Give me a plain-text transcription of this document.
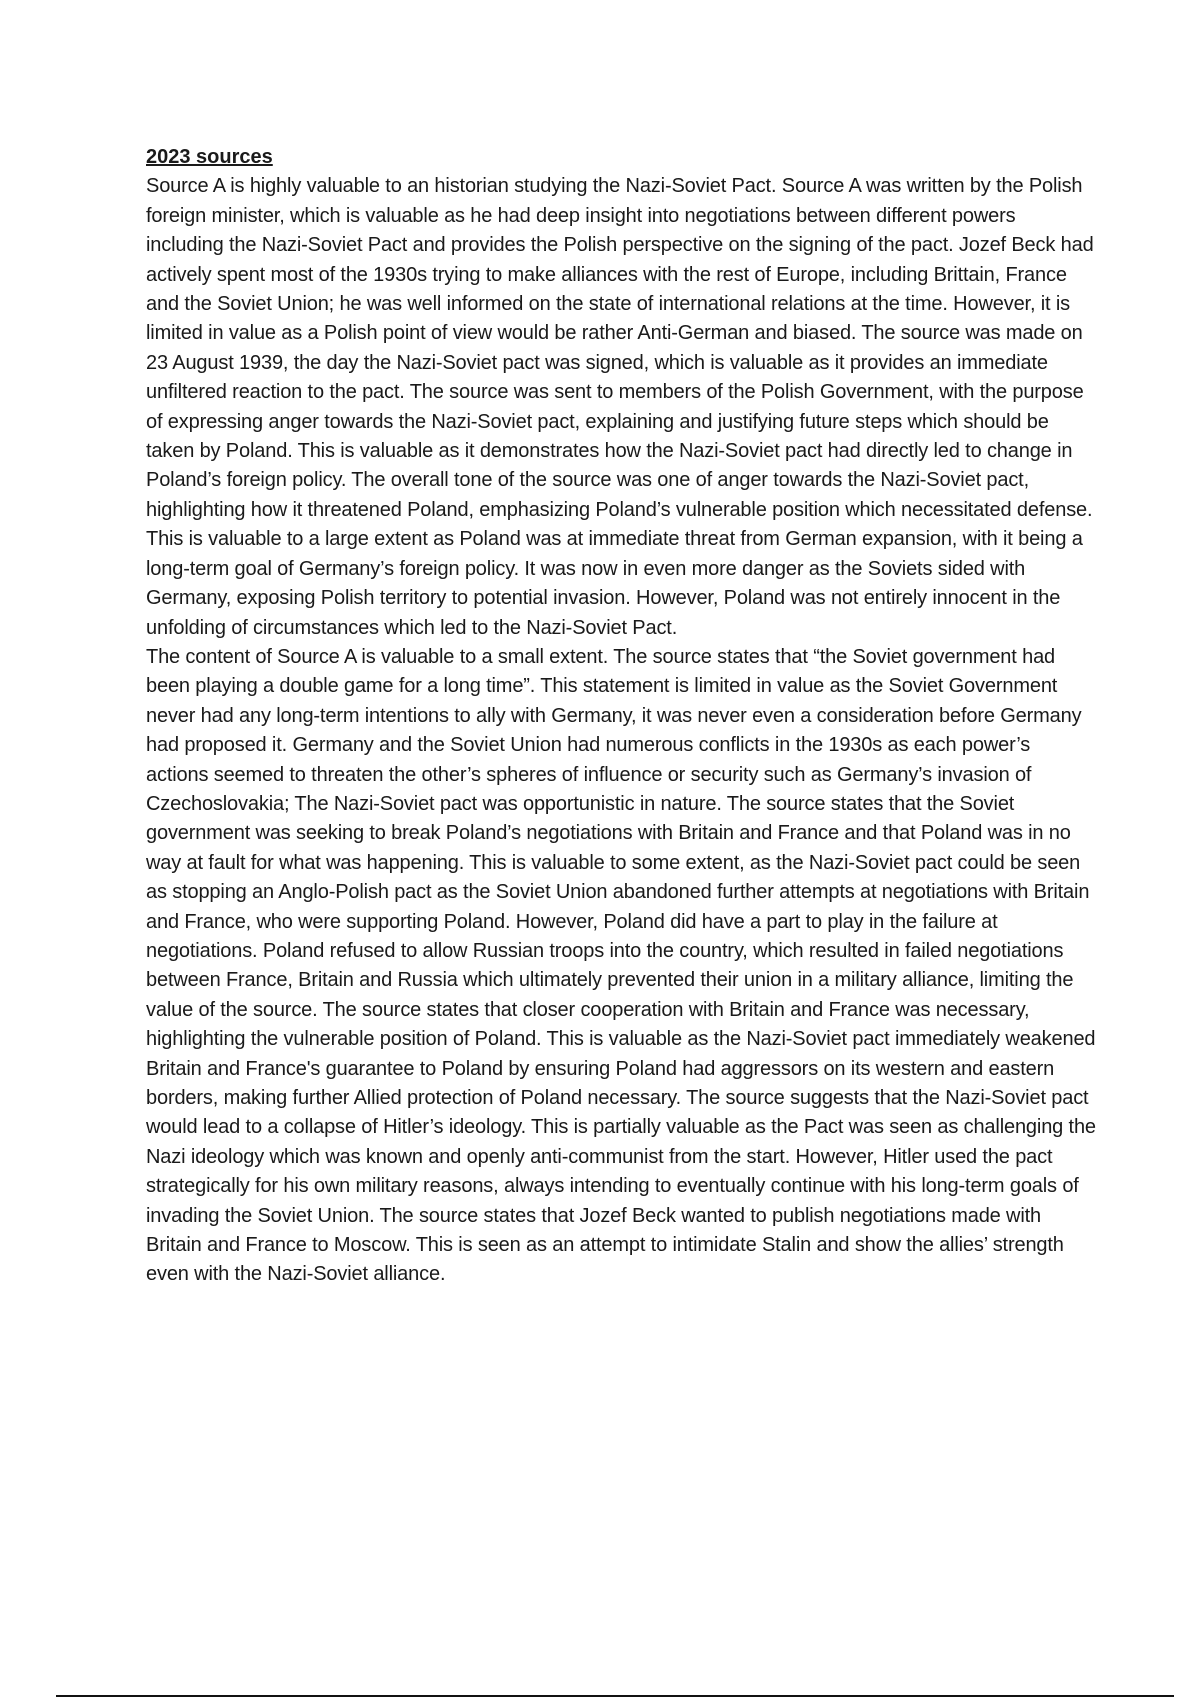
2023 sources

Source A is highly valuable to an historian studying the Nazi-Soviet Pact. Source A was written by the Polish foreign minister, which is valuable as he had deep insight into negotiations between different powers including the Nazi-Soviet Pact and provides the Polish perspective on the signing of the pact. Jozef Beck had actively spent most of the 1930s trying to make alliances with the rest of Europe, including Brittain, France and the Soviet Union; he was well informed on the state of international relations at the time. However, it is limited in value as a Polish point of view would be rather Anti-German and biased. The source was made on 23 August 1939, the day the Nazi-Soviet pact was signed, which is valuable as it provides an immediate unfiltered reaction to the pact. The source was sent to members of the Polish Government, with the purpose of expressing anger towards the Nazi-Soviet pact, explaining and justifying future steps which should be taken by Poland. This is valuable as it demonstrates how the Nazi-Soviet pact had directly led to change in Poland’s foreign policy. The overall tone of the source was one of anger towards the Nazi-Soviet pact, highlighting how it threatened Poland, emphasizing Poland’s vulnerable position which necessitated defense. This is valuable to a large extent as Poland was at immediate threat from German expansion, with it being a long-term goal of Germany’s foreign policy. It was now in even more danger as the Soviets sided with Germany, exposing Polish territory to potential invasion. However, Poland was not entirely innocent in the unfolding of circumstances which led to the Nazi-Soviet Pact.

The content of Source A is valuable to a small extent. The source states that “the Soviet government had been playing a double game for a long time”. This statement is limited in value as the Soviet Government never had any long-term intentions to ally with Germany, it was never even a consideration before Germany had proposed it. Germany and the Soviet Union had numerous conflicts in the 1930s as each power’s actions seemed to threaten the other’s spheres of influence or security such as Germany’s invasion of Czechoslovakia; The Nazi-Soviet pact was opportunistic in nature. The source states that the Soviet government was seeking to break Poland’s negotiations with Britain and France and that Poland was in no way at fault for what was happening. This is valuable to some extent, as the Nazi-Soviet pact could be seen as stopping an Anglo-Polish pact as the Soviet Union abandoned further attempts at negotiations with Britain and France, who were supporting Poland. However, Poland did have a part to play in the failure at negotiations. Poland refused to allow Russian troops into the country, which resulted in failed negotiations between France, Britain and Russia which ultimately prevented their union in a military alliance, limiting the value of the source. The source states that closer cooperation with Britain and France was necessary, highlighting the vulnerable position of Poland. This is valuable as the Nazi-Soviet pact immediately weakened Britain and France's guarantee to Poland by ensuring Poland had aggressors on its western and eastern borders, making further Allied protection of Poland necessary. The source suggests that the Nazi-Soviet pact would lead to a collapse of Hitler’s ideology. This is partially valuable as the Pact was seen as challenging the Nazi ideology which was known and openly anti-communist from the start. However, Hitler used the pact strategically for his own military reasons, always intending to eventually continue with his long-term goals of invading the Soviet Union. The source states that Jozef Beck wanted to publish negotiations made with Britain and France to Moscow. This is seen as an attempt to intimidate Stalin and show the allies’ strength even with the Nazi-Soviet alliance.
